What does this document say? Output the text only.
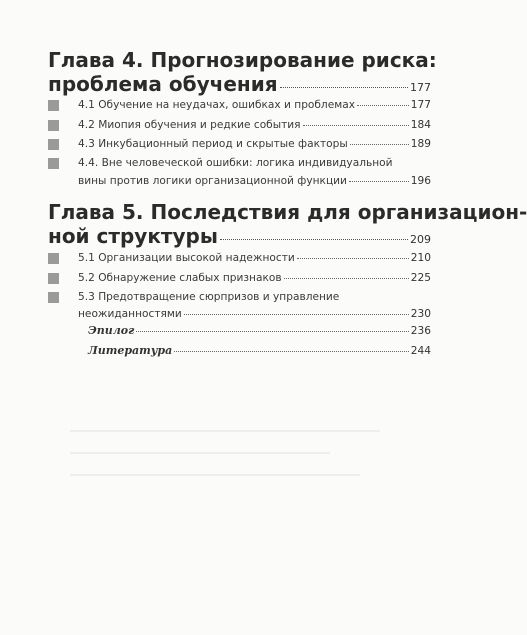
Глава 4. Прогнозирование риска:
проблема обучения	177
4.1 Обучение на неудачах, ошибках и проблемах	177
4.2 Миопия обучения и редкие события	184
4.3 Инкубационный период и скрытые факторы	189
4.4. Вне человеческой ошибки: логика индивидуальной
вины против логики организационной функции	196
Глава 5. Последствия для организацион-
ной структуры	209
5.1 Организации высокой надежности	210
5.2 Обнаружение слабых признаков	225
5.3 Предотвращение сюрпризов и управление
неожиданностями	230
Эпилог	236
Литература	244
